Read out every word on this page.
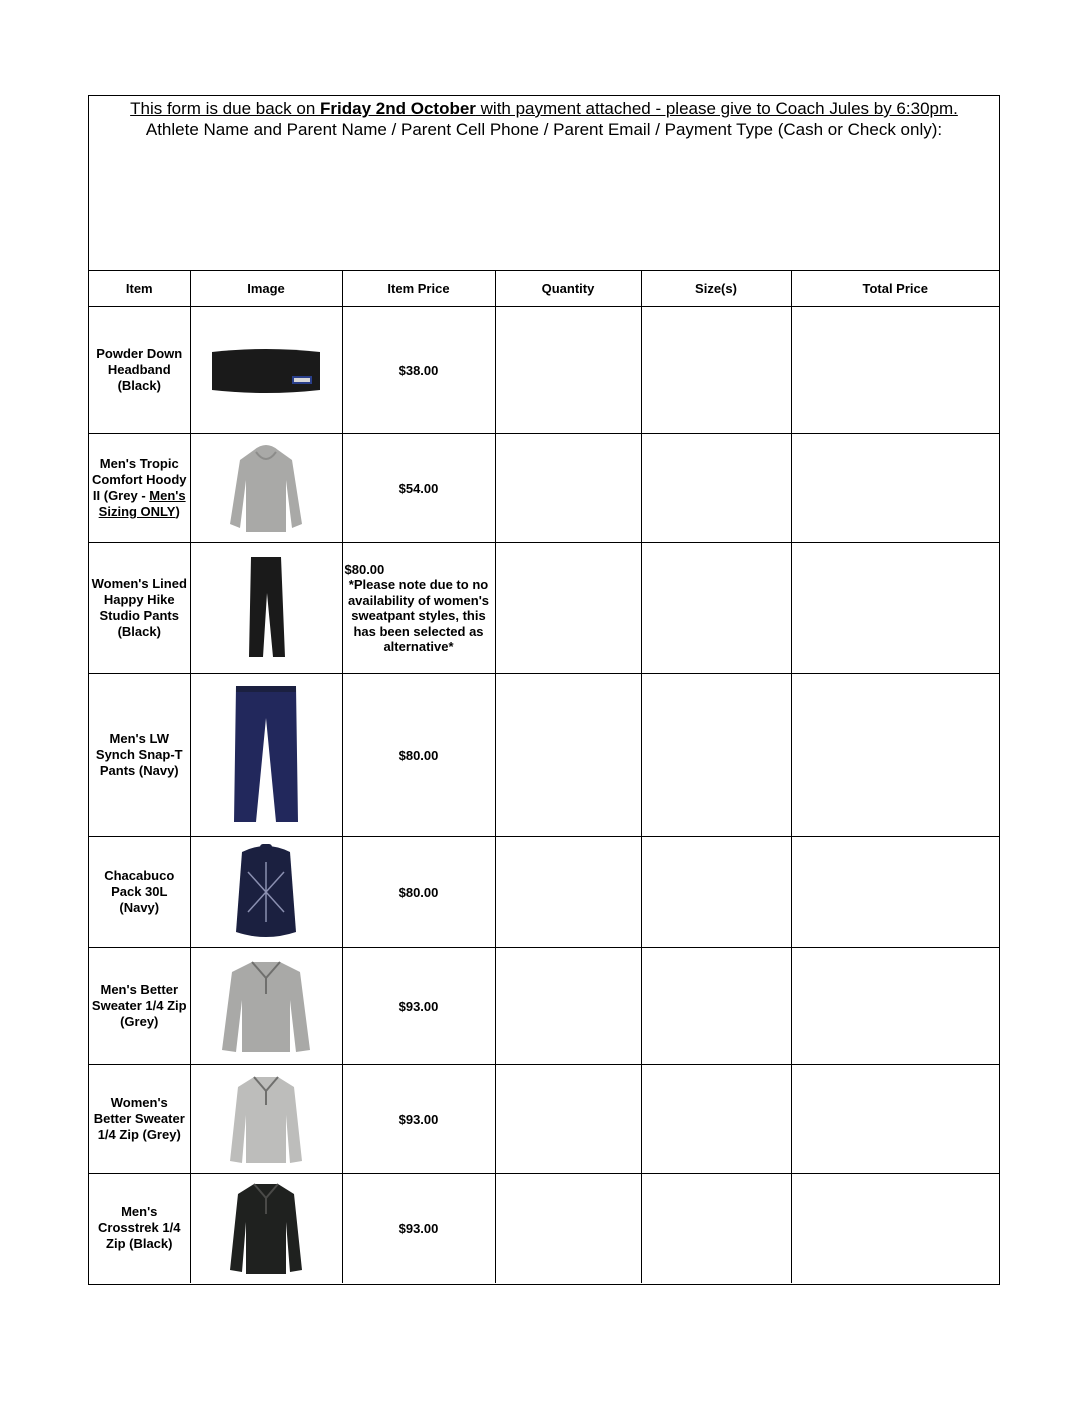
This form is due back on Friday 2nd October with payment attached - please give to Coach Jules by 6:30pm.
Athlete Name and Parent Name / Parent Cell Phone / Parent Email / Payment Type (Cash or Check only):
Item	Image	Item Price	Quantity	Size(s)	Total Price
Powder Down Headband (Black)		$38.00			
Men's Tropic Comfort Hoody II (Grey - Men's Sizing ONLY)		$54.00			
Women's Lined Happy Hike Studio Pants (Black)		$80.00
*Please note due to no availability of women's sweatpant styles, this has been selected as alternative*			
Men's LW Synch Snap-T Pants (Navy)		$80.00			
Chacabuco Pack 30L (Navy)		$80.00			
Men's Better Sweater 1/4 Zip (Grey)		$93.00			
Women's Better Sweater 1/4 Zip (Grey)		$93.00			
Men's Crosstrek 1/4 Zip (Black)		$93.00			
